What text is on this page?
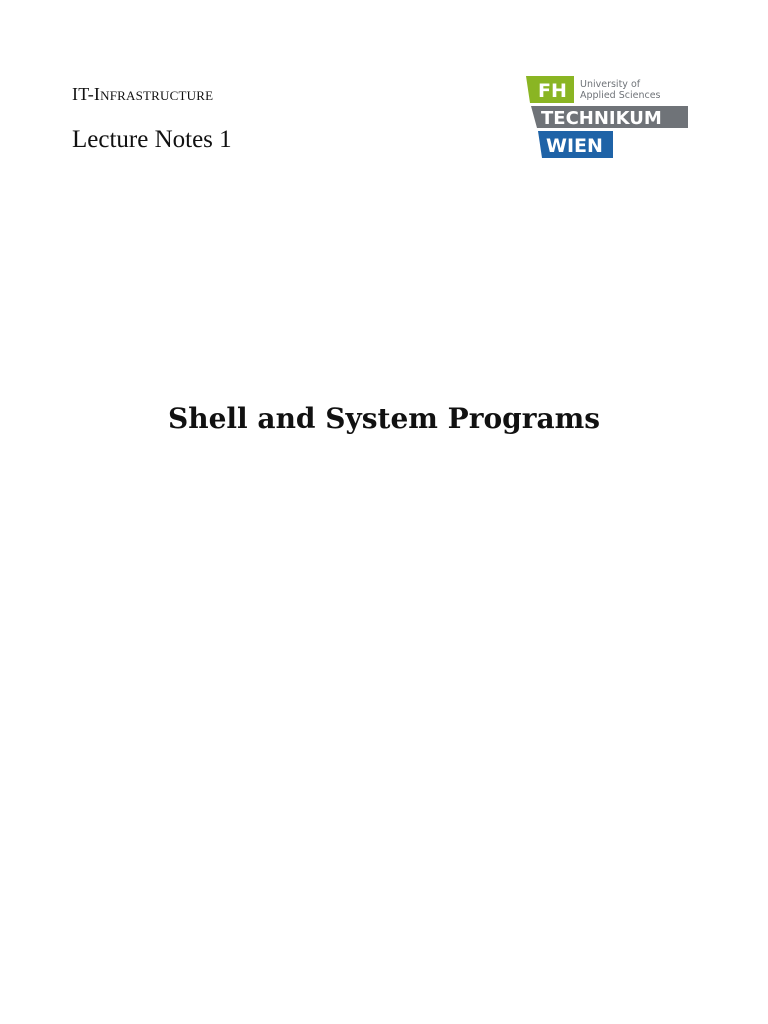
IT-Infrastructure
Lecture Notes 1
FH University of
Applied Sciences
TECHNIKUM
WIEN
Shell and System Programs
